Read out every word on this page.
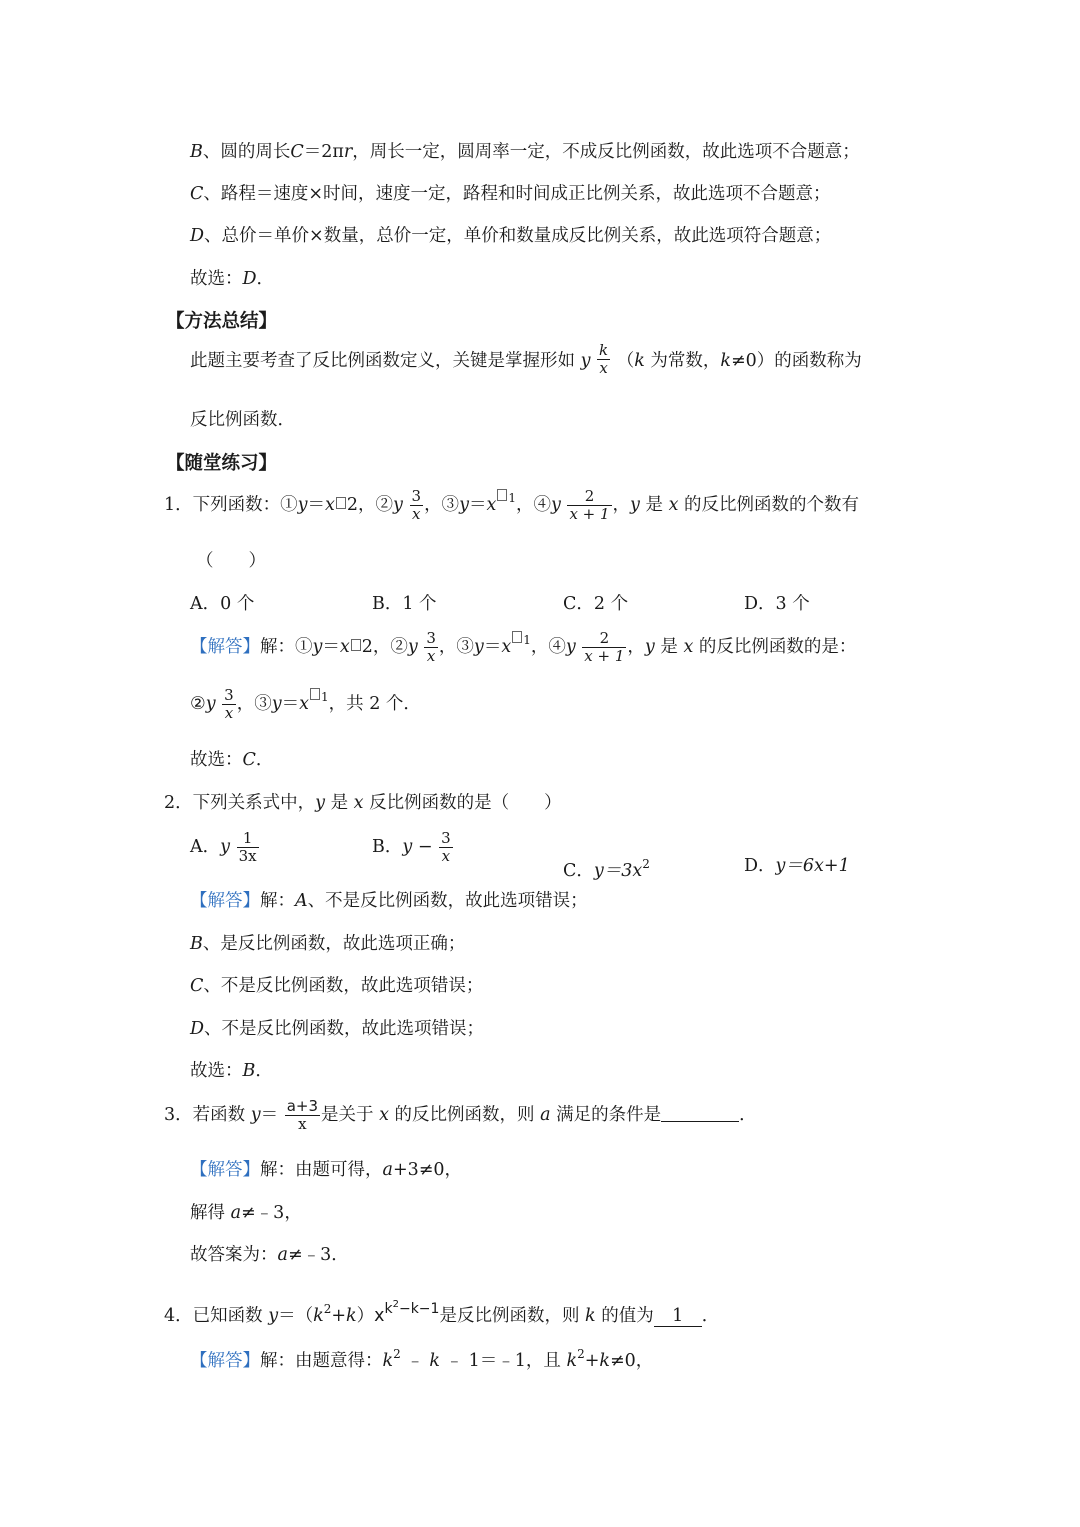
B、圆的周长C＝2πr，周长一定，圆周率一定，不成反比例函数，故此选项不合题意；
C、路程＝速度×时间，速度一定，路程和时间成正比例关系，故此选项不合题意；
D、总价＝单价×数量，总价一定，单价和数量成反比例关系，故此选项符合题意；
故选：D．
【方法总结】
此题主要考查了反比例函数定义，关键是掌握形如 y $\frac{k}{x} (k$ 为常数，k≠0）的函数称为
反比例函数．
【随堂练习】
1．下列函数：①y＝x 2，②y $\frac{3}{x}$ ，③y＝x $^1$，④y $\frac{2}{x + 1}$ ，y 是 x 的反比例函数的个数有
（　　）
A．0 个	B．1 个	C．2 个	D．3 个
【解答】解：①y＝x 2，②y $\frac{3}{x}$ ，③y＝x $^1$，④y $\frac{2}{x + 1}$ ，y 是 x 的反比例函数的是：
②y $\frac{3}{x}$ ，③y＝x $^1$，共 2 个．
故选：C．
2．下列关系式中，y 是 x 反比例函数的是（　　）
A．y $\frac{1}{3x}$	B．$y - \frac{3}{x}$
C．$y=3x^2$	D．y＝6x+1
【解答】解：A、不是反比例函数，故此选项错误；
B、是反比例函数，故此选项正确；
C、不是反比例函数，故此选项错误；
D、不是反比例函数，故此选项错误；
故选：B．
3．若函数 $y= \frac{a+3}{x}$ 是关于 x 的反比例函数，则 a 满足的条件是	．
【解答】解：由题可得，a+3≠0，
解得 a≠﹣3，
故答案为：a≠﹣3．
4．已知函数 $y=(k^2+k)x^{k^2-k-1}$是反比例函数，则 k 的值为 1 ．
【解答】解：由题意得：$k^2$ ﹣ k ﹣ 1＝﹣1，且 $k^2+k\ne 0$，
